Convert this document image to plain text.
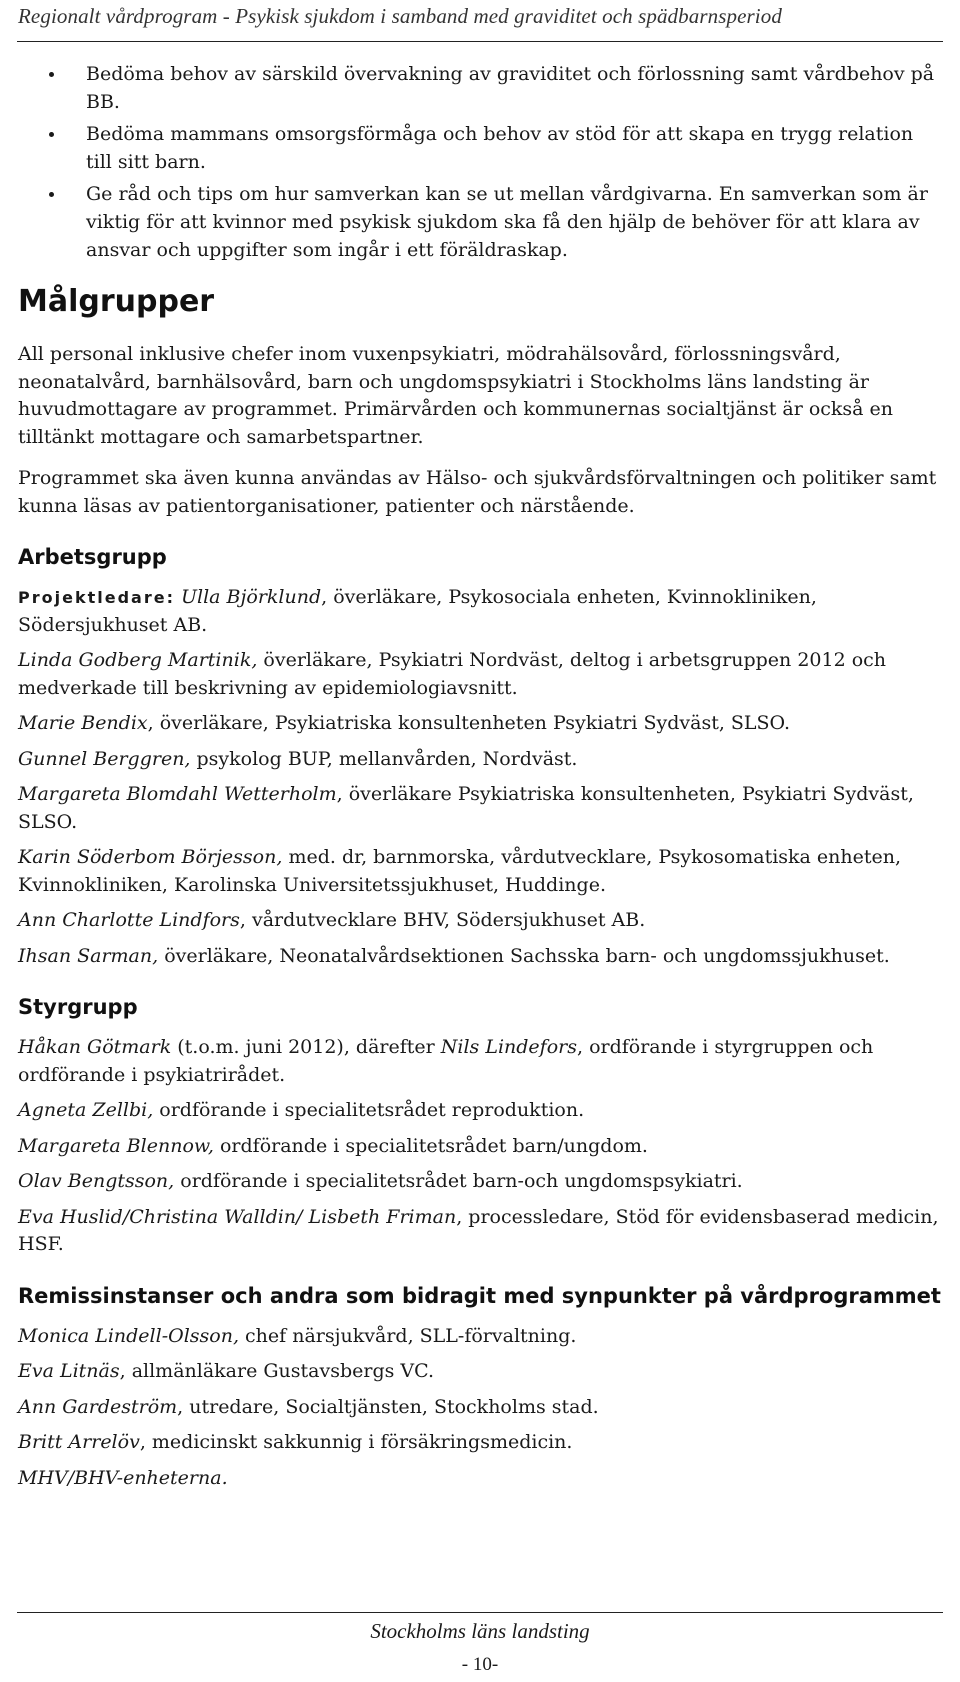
Regionalt vårdprogram - Psykisk sjukdom i samband med graviditet och spädbarnsperiod
Bedöma behov av särskild övervakning av graviditet och förlossning samt vårdbehov på BB.
Bedöma mammans omsorgsförmåga och behov av stöd för att skapa en trygg relation till sitt barn.
Ge råd och tips om hur samverkan kan se ut mellan vårdgivarna. En samverkan som är viktig för att kvinnor med psykisk sjukdom ska få den hjälp de behöver för att klara av ansvar och uppgifter som ingår i ett föräldraskap.
Målgrupper

All personal inklusive chefer inom vuxenpsykiatri, mödrahälsovård, förlossningsvård, neonatalvård, barnhälsovård, barn och ungdomspsykiatri i Stockholms läns landsting är huvudmottagare av programmet. Primärvården och kommunernas socialtjänst är också en tilltänkt mottagare och samarbetspartner.

Programmet ska även kunna användas av Hälso- och sjukvårdsförvaltningen och politiker samt kunna läsas av patientorganisationer, patienter och närstående.

Arbetsgrupp

Projektledare: Ulla Björklund, överläkare, Psykosociala enheten, Kvinnokliniken, Södersjukhuset AB.

Linda Godberg Martinik, överläkare, Psykiatri Nordväst, deltog i arbetsgruppen 2012 och medverkade till beskrivning av epidemiologiavsnitt.

Marie Bendix, överläkare, Psykiatriska konsultenheten Psykiatri Sydväst, SLSO.

Gunnel Berggren, psykolog BUP, mellanvården, Nordväst.

Margareta Blomdahl Wetterholm, överläkare Psykiatriska konsultenheten, Psykiatri Sydväst, SLSO.

Karin Söderbom Börjesson, med. dr, barnmorska, vårdutvecklare, Psykosomatiska enheten, Kvinnokliniken, Karolinska Universitetssjukhuset, Huddinge.

Ann Charlotte Lindfors, vårdutvecklare BHV, Södersjukhuset AB.

Ihsan Sarman, överläkare, Neonatalvårdsektionen Sachsska barn- och ungdomssjukhuset.

Styrgrupp

Håkan Götmark (t.o.m. juni 2012), därefter Nils Lindefors, ordförande i styrgruppen och ordförande i psykiatrirådet.

Agneta Zellbi, ordförande i specialitetsrådet reproduktion.

Margareta Blennow, ordförande i specialitetsrådet barn/ungdom.

Olav Bengtsson, ordförande i specialitetsrådet barn-och ungdomspsykiatri.

Eva Huslid/Christina Walldin/ Lisbeth Friman, processledare, Stöd för evidensbaserad medicin, HSF.

Remissinstanser och andra som bidragit med synpunkter på vårdprogrammet

Monica Lindell-Olsson, chef närsjukvård, SLL-förvaltning.

Eva Litnäs, allmänläkare Gustavsbergs VC.

Ann Gardeström, utredare, Socialtjänsten, Stockholms stad.

Britt Arrelöv, medicinskt sakkunnig i försäkringsmedicin.

MHV/BHV-enheterna.

Stockholms läns landsting
- 10-
